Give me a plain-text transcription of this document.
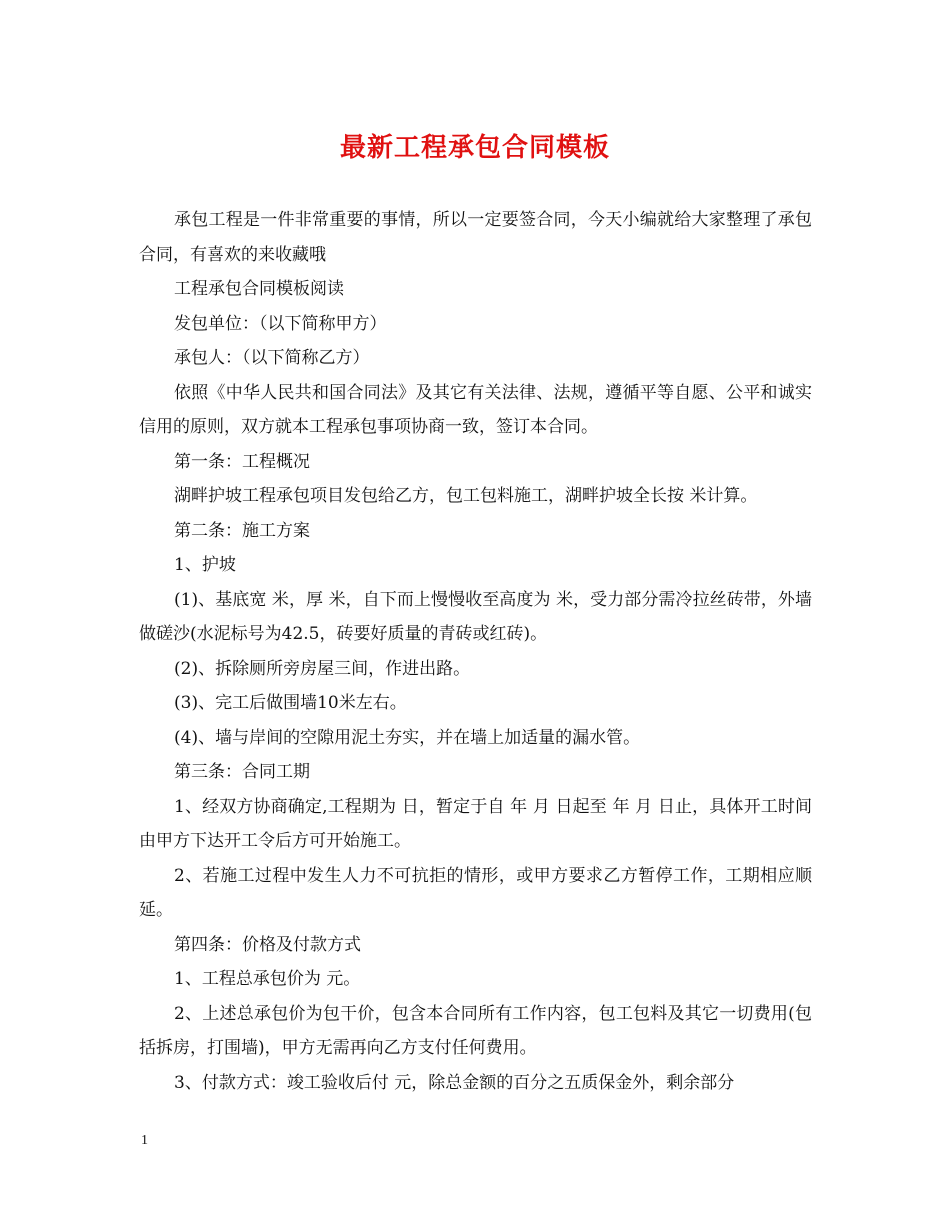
最新工程承包合同模板

承包工程是一件非常重要的事情，所以一定要签合同，今天小编就给大家整理了承包合同，有喜欢的来收藏哦

工程承包合同模板阅读

发包单位：（以下简称甲方）

承包人：（以下简称乙方）

依照《中华人民共和国合同法》及其它有关法律、法规，遵循平等自愿、公平和诚实信用的原则，双方就本工程承包事项协商一致，签订本合同。

第一条：工程概况

湖畔护坡工程承包项目发包给乙方，包工包料施工，湖畔护坡全长按 米计算。

第二条：施工方案

1、护坡

(1)、基底宽 米，厚 米，自下而上慢慢收至高度为 米，受力部分需冷拉丝砖带，外墙做磋沙(水泥标号为42.5，砖要好质量的青砖或红砖)。

(2)、拆除厕所旁房屋三间，作进出路。

(3)、完工后做围墙10米左右。

(4)、墙与岸间的空隙用泥土夯实，并在墙上加适量的漏水管。

第三条：合同工期

1、经双方协商确定,工程期为 日，暂定于自 年 月 日起至 年 月 日止，具体开工时间由甲方下达开工令后方可开始施工。

2、若施工过程中发生人力不可抗拒的情形，或甲方要求乙方暂停工作，工期相应顺延。

第四条：价格及付款方式

1、工程总承包价为 元。

2、上述总承包价为包干价，包含本合同所有工作内容，包工包料及其它一切费用(包括拆房，打围墙)，甲方无需再向乙方支付任何费用。

3、付款方式：竣工验收后付 元，除总金额的百分之五质保金外，剩余部分

1
